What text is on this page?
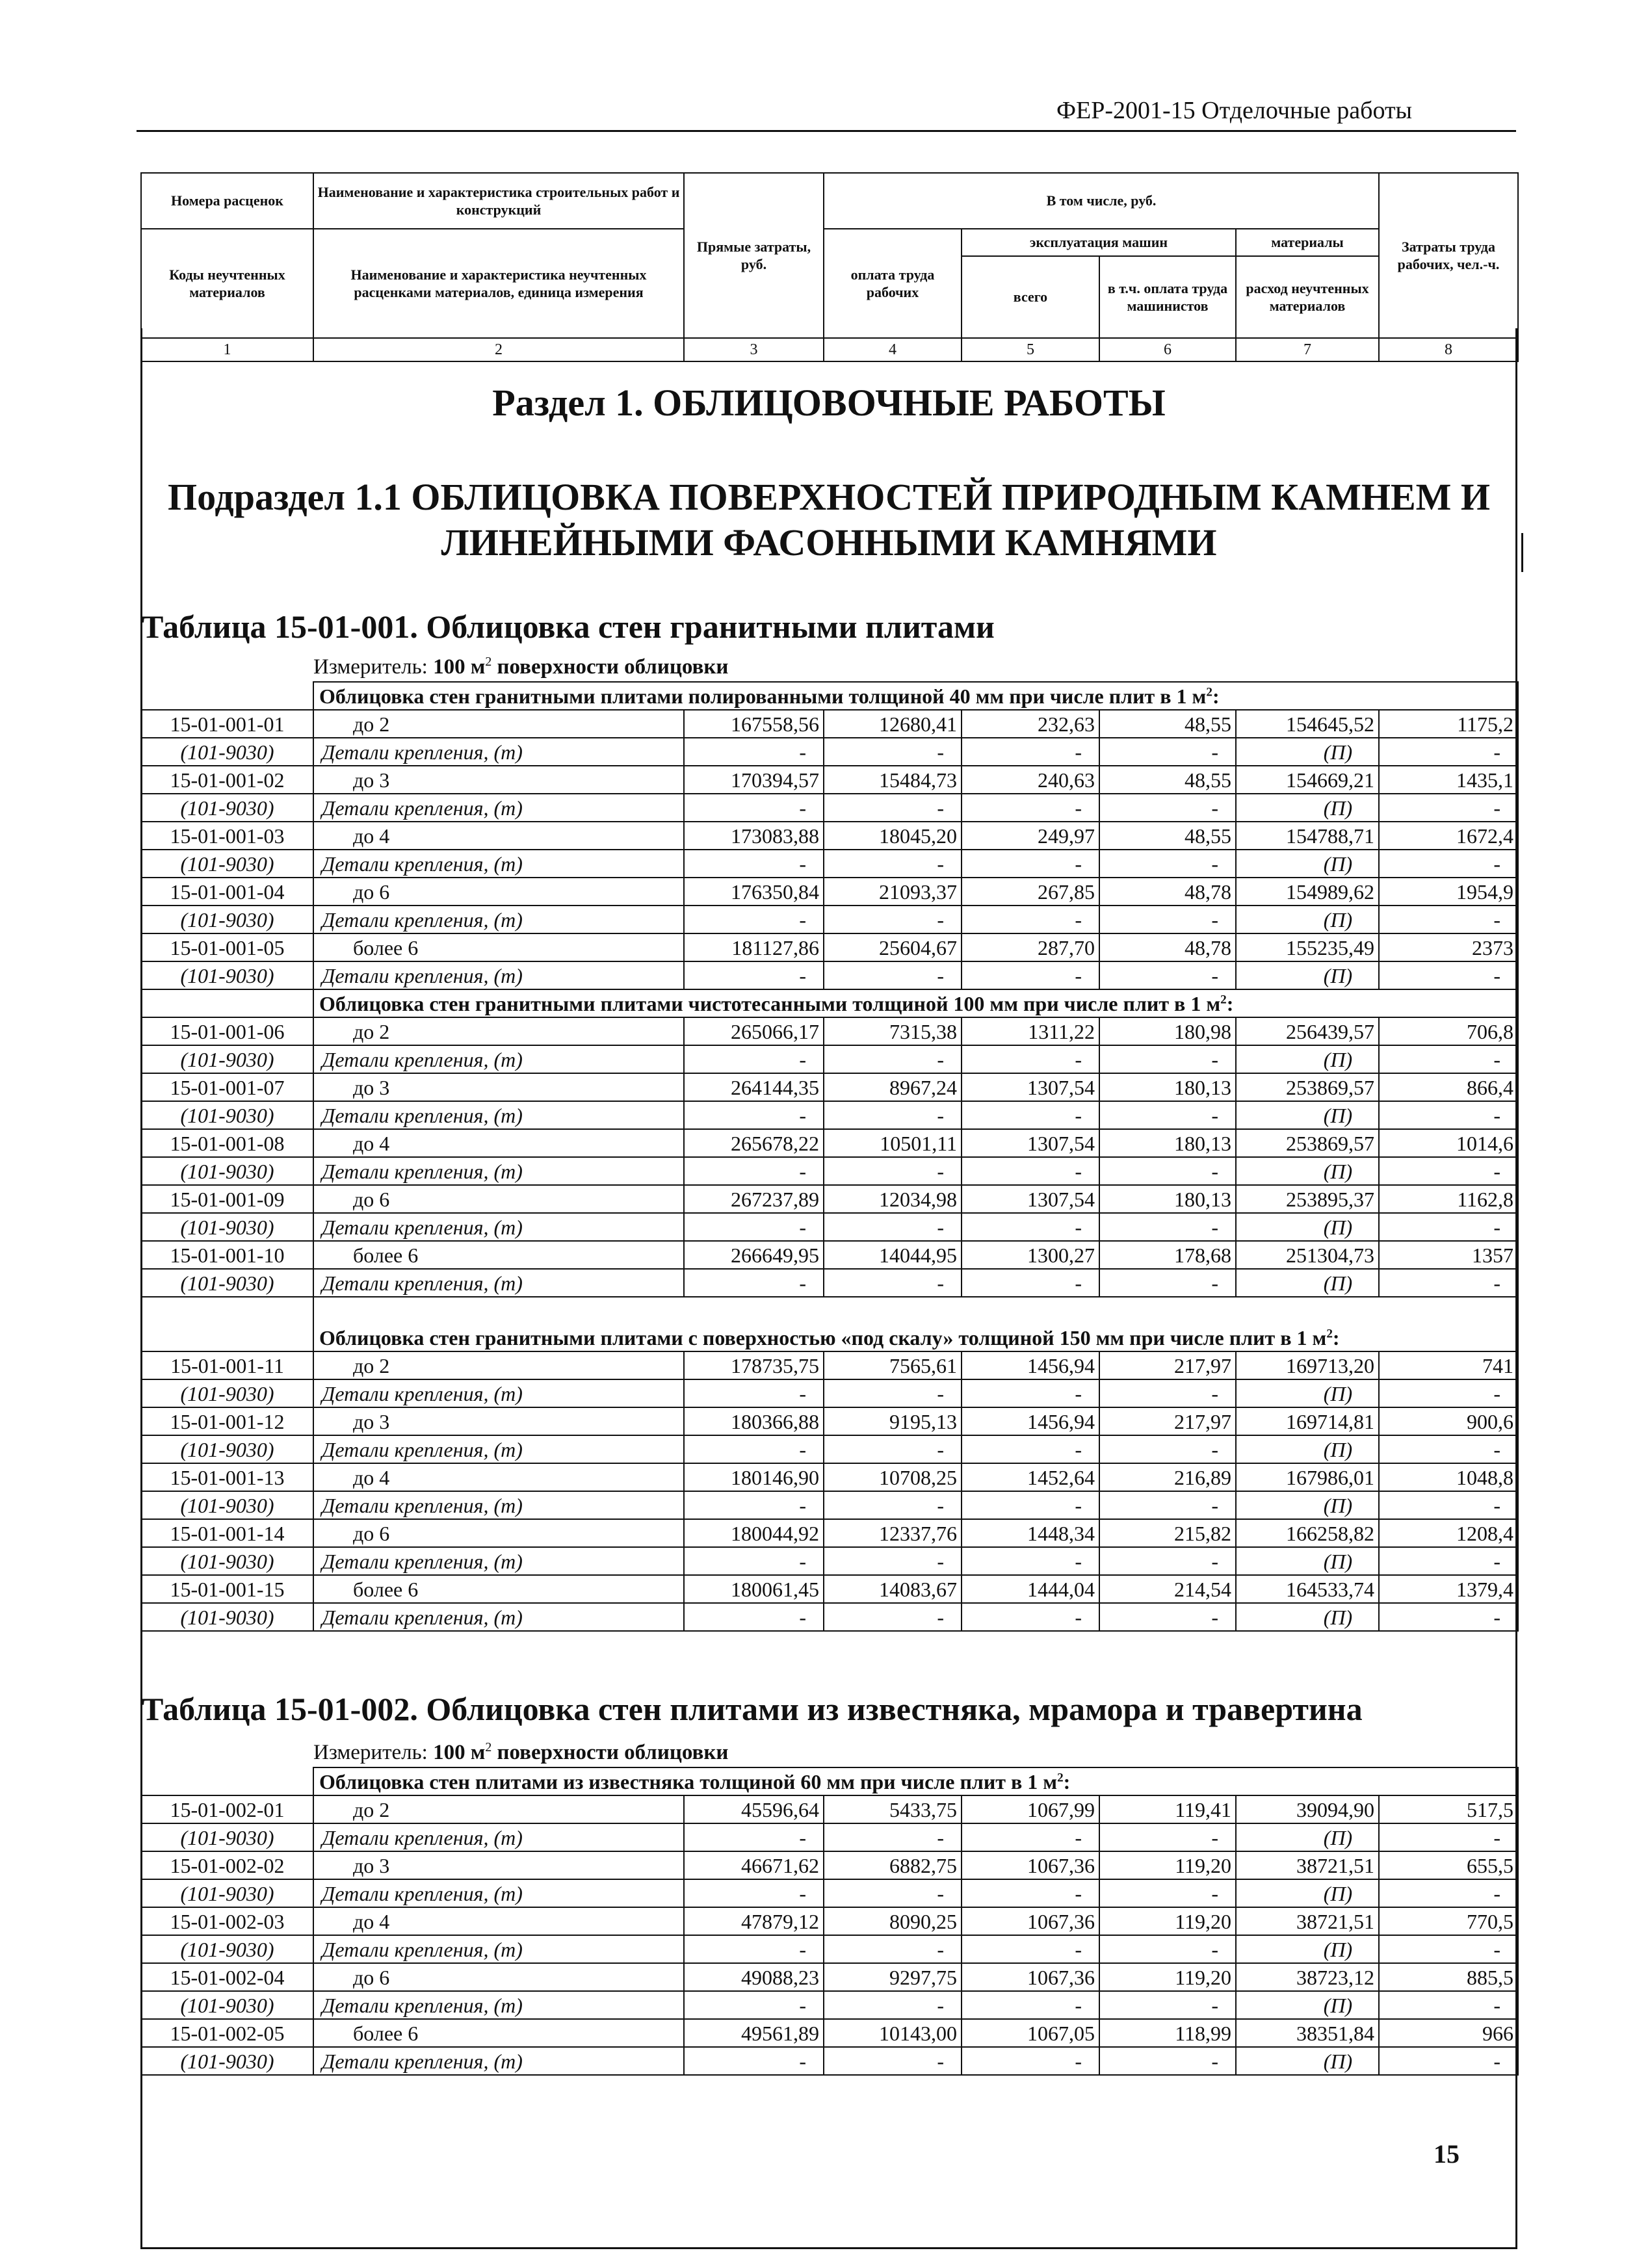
ФЕР-2001-15 Отделочные работы
Номера расценок	Наименование и характеристика строительных работ и конструкций	Прямые затраты, руб.	В том числе, руб.				Затраты труда рабочих, чел.-ч.
Коды неучтенных материалов	Наименование и характеристика неучтенных расценками материалов, единица измерения		оплата труда рабочих	эксплуатация машин		материалы	
				всего	в т.ч. оплата труда машинистов	расход неучтенных материалов	
1	2	3	4	5	6	7	8
Раздел 1. ОБЛИЦОВОЧНЫЕ РАБОТЫ
Подраздел 1.1 ОБЛИЦОВКА ПОВЕРХНОСТЕЙ ПРИРОДНЫМ КАМНЕМ И
ЛИНЕЙНЫМИ ФАСОННЫМИ КАМНЯМИ
Таблица 15-01-001. Облицовка стен гранитными плитами
Измеритель: 100 $м^2$ поверхности облицовки
	Облицовка стен гранитными плитами полированными толщиной 40 мм при числе плит в 1 $м^2$:						
15-01-001-01	до 2	167558,56	12680,41	232,63	48,55	154645,52	1175,2
(101-9030)	Детали крепления, (т)	-	-	-	-	(П)	-
15-01-001-02	до 3	170394,57	15484,73	240,63	48,55	154669,21	1435,1
(101-9030)	Детали крепления, (т)	-	-	-	-	(П)	-
15-01-001-03	до 4	173083,88	18045,20	249,97	48,55	154788,71	1672,4
(101-9030)	Детали крепления, (т)	-	-	-	-	(П)	-
15-01-001-04	до 6	176350,84	21093,37	267,85	48,78	154989,62	1954,9
(101-9030)	Детали крепления, (т)	-	-	-	-	(П)	-
15-01-001-05	более 6	181127,86	25604,67	287,70	48,78	155235,49	2373
(101-9030)	Детали крепления, (т)	-	-	-	-	(П)	-
	Облицовка стен гранитными плитами чистотесанными толщиной 100 мм при числе плит в 1 $м^2$:						
15-01-001-06	до 2	265066,17	7315,38	1311,22	180,98	256439,57	706,8
(101-9030)	Детали крепления, (т)	-	-	-	-	(П)	-
15-01-001-07	до 3	264144,35	8967,24	1307,54	180,13	253869,57	866,4
(101-9030)	Детали крепления, (т)	-	-	-	-	(П)	-
15-01-001-08	до 4	265678,22	10501,11	1307,54	180,13	253869,57	1014,6
(101-9030)	Детали крепления, (т)	-	-	-	-	(П)	-
15-01-001-09	до 6	267237,89	12034,98	1307,54	180,13	253895,37	1162,8
(101-9030)	Детали крепления, (т)	-	-	-	-	(П)	-
15-01-001-10	более 6	266649,95	14044,95	1300,27	178,68	251304,73	1357
(101-9030)	Детали крепления, (т)	-	-	-	-	(П)	-
	Облицовка стен гранитными плитами с поверхностью «под скалу» толщиной 150 мм при числе плит в 1 $м^2$:						
15-01-001-11	до 2	178735,75	7565,61	1456,94	217,97	169713,20	741
(101-9030)	Детали крепления, (т)	-	-	-	-	(П)	-
15-01-001-12	до 3	180366,88	9195,13	1456,94	217,97	169714,81	900,6
(101-9030)	Детали крепления, (т)	-	-	-	-	(П)	-
15-01-001-13	до 4	180146,90	10708,25	1452,64	216,89	167986,01	1048,8
(101-9030)	Детали крепления, (т)	-	-	-	-	(П)	-
15-01-001-14	до 6	180044,92	12337,76	1448,34	215,82	166258,82	1208,4
(101-9030)	Детали крепления, (т)	-	-	-	-	(П)	-
15-01-001-15	более 6	180061,45	14083,67	1444,04	214,54	164533,74	1379,4
(101-9030)	Детали крепления, (т)	-	-	-	-	(П)	-
Таблица 15-01-002. Облицовка стен плитами из известняка, мрамора и травертина
Измеритель: 100 $м^2$ поверхности облицовки
	Облицовка стен плитами из известняка толщиной 60 мм при числе плит в 1 $м^2$:						
15-01-002-01	до 2	45596,64	5433,75	1067,99	119,41	39094,90	517,5
(101-9030)	Детали крепления, (т)	-	-	-	-	(П)	-
15-01-002-02	до 3	46671,62	6882,75	1067,36	119,20	38721,51	655,5
(101-9030)	Детали крепления, (т)	-	-	-	-	(П)	-
15-01-002-03	до 4	47879,12	8090,25	1067,36	119,20	38721,51	770,5
(101-9030)	Детали крепления, (т)	-	-	-	-	(П)	-
15-01-002-04	до 6	49088,23	9297,75	1067,36	119,20	38723,12	885,5
(101-9030)	Детали крепления, (т)	-	-	-	-	(П)	-
15-01-002-05	более 6	49561,89	10143,00	1067,05	118,99	38351,84	966
(101-9030)	Детали крепления, (т)	-	-	-	-	(П)	-
15
